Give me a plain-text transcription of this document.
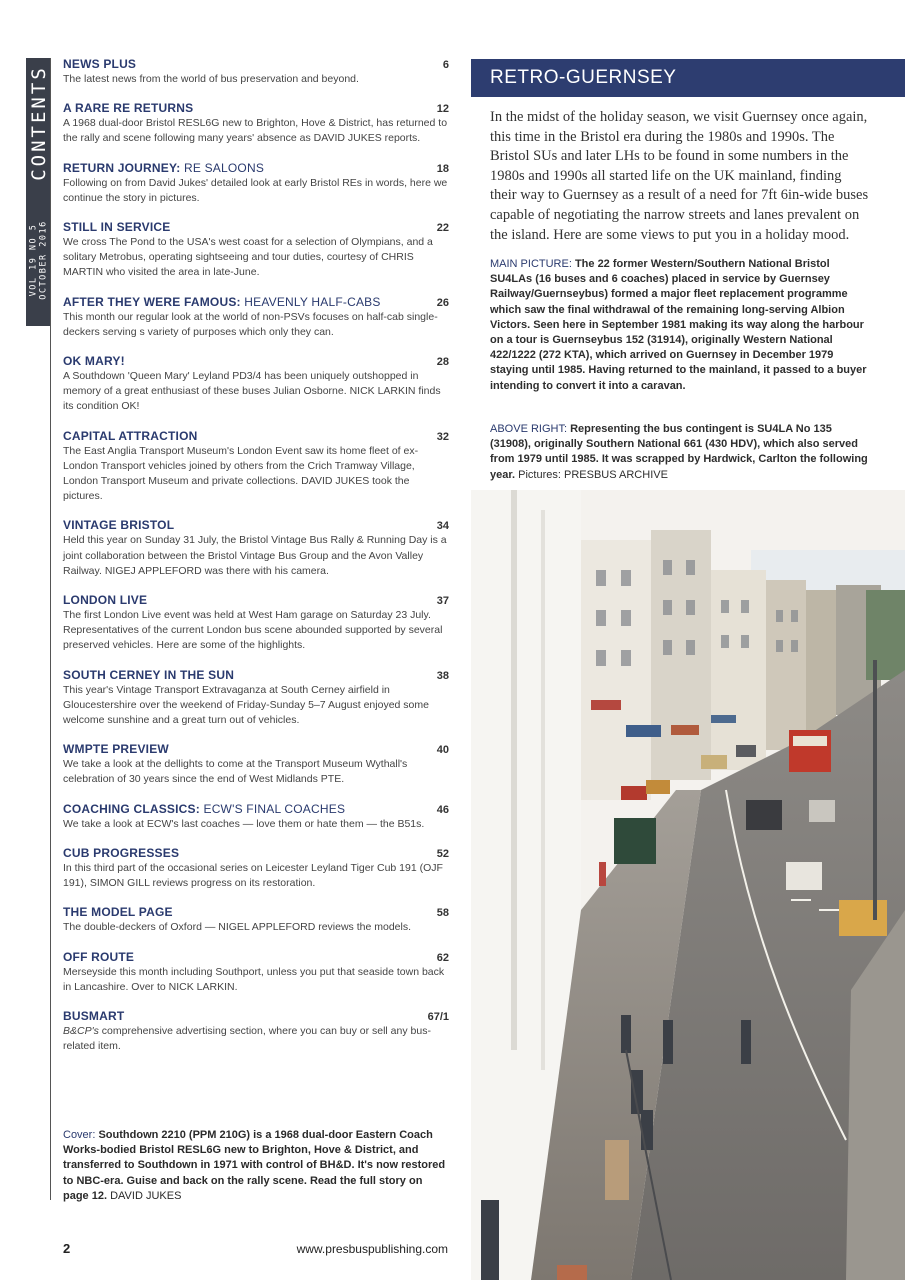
CONTENTS
VOL 19 NO 5 OCTOBER 2016
NEWS PLUS	6
The latest news from the world of bus preservation and beyond.
A RARE RE RETURNS	12
A 1968 dual-door Bristol RESL6G new to Brighton, Hove & District, has returned to the rally and scene following many years' absence as DAVID JUKES reports.
RETURN JOURNEY: RE SALOONS	18
Following on from David Jukes' detailed look at early Bristol REs in words, here we continue the story in pictures.
STILL IN SERVICE	22
We cross The Pond to the USA's west coast for a selection of Olympians, and a solitary Metrobus, operating sightseeing and tour duties, courtesy of CHRIS MARTIN who visited the area in late-June.
AFTER THEY WERE FAMOUS: HEAVENLY HALF-CABS	26
This month our regular look at the world of non-PSVs focuses on half-cab single-deckers serving s variety of purposes which only they can.
OK MARY!	28
A Southdown 'Queen Mary' Leyland PD3/4 has been uniquely outshopped in memory of a great enthusiast of these buses Julian Osborne. NICK LARKIN finds its condition OK!
CAPITAL ATTRACTION	32
The East Anglia Transport Museum's London Event saw its home fleet of ex-London Transport vehicles joined by others from the Crich Tramway Village, London Transport Museum and private collections. DAVID JUKES took the pictures.
VINTAGE BRISTOL	34
Held this year on Sunday 31 July, the Bristol Vintage Bus Rally & Running Day is a joint collaboration between the Bristol Vintage Bus Group and the Avon Valley Railway. NIGEJ APPLEFORD was there with his camera.
LONDON LIVE	37
The first London Live event was held at West Ham garage on Saturday 23 July. Representatives of the current London bus scene abounded supported by several preserved vehicles. Here are some of the highlights.
SOUTH CERNEY IN THE SUN	38
This year's Vintage Transport Extravaganza at South Cerney airfield in Gloucestershire over the weekend of Friday-Sunday 5–7 August enjoyed some welcome sunshine and a great turn out of vehicles.
WMPTE PREVIEW	40
We take a look at the dellights to come at the Transport Museum Wythall's celebration of 30 years since the end of West Midlands PTE.
COACHING CLASSICS: ECW'S FINAL COACHES	46
We take a look at ECW's last coaches — love them or hate them — the B51s.
CUB PROGRESSES	52
In this third part of the occasional series on Leicester Leyland Tiger Cub 191 (OJF 191), SIMON GILL reviews progress on its restoration.
THE MODEL PAGE	58
The double-deckers of Oxford — NIGEL APPLEFORD reviews the models.
OFF ROUTE	62
Merseyside this month including Southport, unless you put that seaside town back in Lancashire. Over to NICK LARKIN.
BUSMART	67/1
B&CP's comprehensive advertising section, where you can buy or sell any bus-related item.
Cover: Southdown 2210 (PPM 210G) is a 1968 dual-door Eastern Coach Works-bodied Bristol RESL6G new to Brighton, Hove & District, and transferred to Southdown in 1971 with control of BH&D. It's now restored to NBC-era. Guise and back on the rally scene. Read the full story on page 12. DAVID JUKES
2	www.presbuspublishing.com
RETRO-GUERNSEY
In the midst of the holiday season, we visit Guernsey once again, this time in the Bristol era during the 1980s and 1990s. The Bristol SUs and later LHs to be found in some numbers in the 1980s and 1990s all started life on the UK mainland, finding their way to Guernsey as a result of a need for 7ft 6in-wide buses capable of negotiating the narrow streets and lanes prevalent on the island. Here are some views to put you in a holiday mood.
MAIN PICTURE: The 22 former Western/Southern National Bristol SU4LAs (16 buses and 6 coaches) placed in service by Guernsey Railway/Guernseybus) formed a major fleet replacement programme which saw the final withdrawal of the remaining long-serving Albion Victors. Seen here in September 1981 making its way along the harbour on a tour is Guernseybus 152 (31914), originally Western National 422/1222 (272 KTA), which arrived on Guernsey in December 1979 staying until 1985. Having returned to the mainland, it passed to a buyer intending to convert it into a caravan.
ABOVE RIGHT: Representing the bus contingent is SU4LA No 135 (31908), originally Southern National 661 (430 HDV), which also served from 1979 until 1985. It was scrapped by Hardwick, Carlton the following year. Pictures: PRESBUS ARCHIVE
